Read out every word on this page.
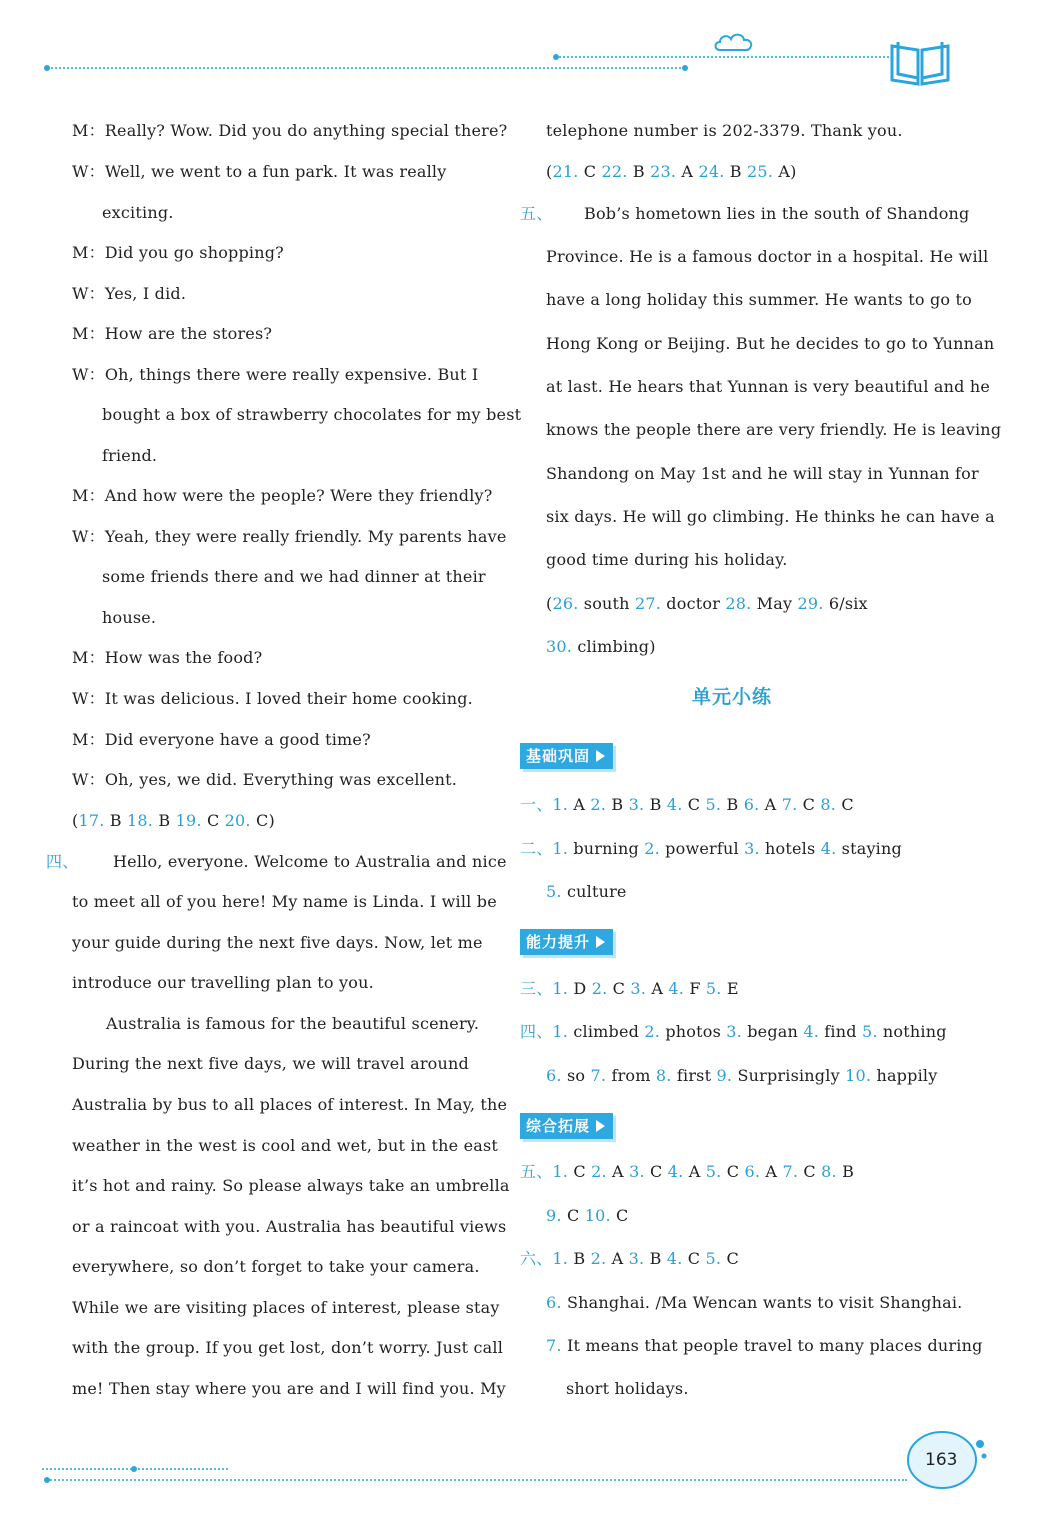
M：Really? Wow. Did you do anything special there?
W：Well, we went to a fun park. It was really
exciting.
M：Did you go shopping?
W：Yes, I did.
M：How are the stores?
W：Oh, things there were really expensive. But I
bought a box of strawberry chocolates for my best
friend.
M：And how were the people? Were they friendly?
W：Yeah, they were really friendly. My parents have
some friends there and we had dinner at their
house.
M：How was the food?
W：It was delicious. I loved their home cooking.
M：Did everyone have a good time?
W：Oh, yes, we did. Everything was excellent.
(17. B 18. B 19. C 20. C)
四、 Hello, everyone. Welcome to Australia and nice
to meet all of you here! My name is Linda. I will be
your guide during the next five days. Now, let me
introduce our travelling plan to you.
Australia is famous for the beautiful scenery.
During the next five days, we will travel around
Australia by bus to all places of interest. In May, the
weather in the west is cool and wet, but in the east
it’s hot and rainy. So please always take an umbrella
or a raincoat with you. Australia has beautiful views
everywhere, so don’t forget to take your camera.
While we are visiting places of interest, please stay
with the group. If you get lost, don’t worry. Just call
me! Then stay where you are and I will find you. My
telephone number is 202-3379. Thank you.
(21. C 22. B 23. A 24. B 25. A)
五、 Bob’s hometown lies in the south of Shandong
Province. He is a famous doctor in a hospital. He will
have a long holiday this summer. He wants to go to
Hong Kong or Beijing. But he decides to go to Yunnan
at last. He hears that Yunnan is very beautiful and he
knows the people there are very friendly. He is leaving
Shandong on May 1st and he will stay in Yunnan for
six days. He will go climbing. He thinks he can have a
good time during his holiday.
(26. south 27. doctor 28. May 29. 6/six
30. climbing)
单元小练
基础巩固
一、1. A 2. B 3. B 4. C 5. B 6. A 7. C 8. C
二、1. burning 2. powerful 3. hotels 4. staying
5. culture
能力提升
三、1. D 2. C 3. A 4. F 5. E
四、1. climbed 2. photos 3. began 4. find 5. nothing
6. so 7. from 8. first 9. Surprisingly 10. happily
综合拓展
五、1. C 2. A 3. C 4. A 5. C 6. A 7. C 8. B
9. C 10. C
六、1. B 2. A 3. B 4. C 5. C
6. Shanghai. /Ma Wencan wants to visit Shanghai.
7. It means that people travel to many places during
short holidays.
163
